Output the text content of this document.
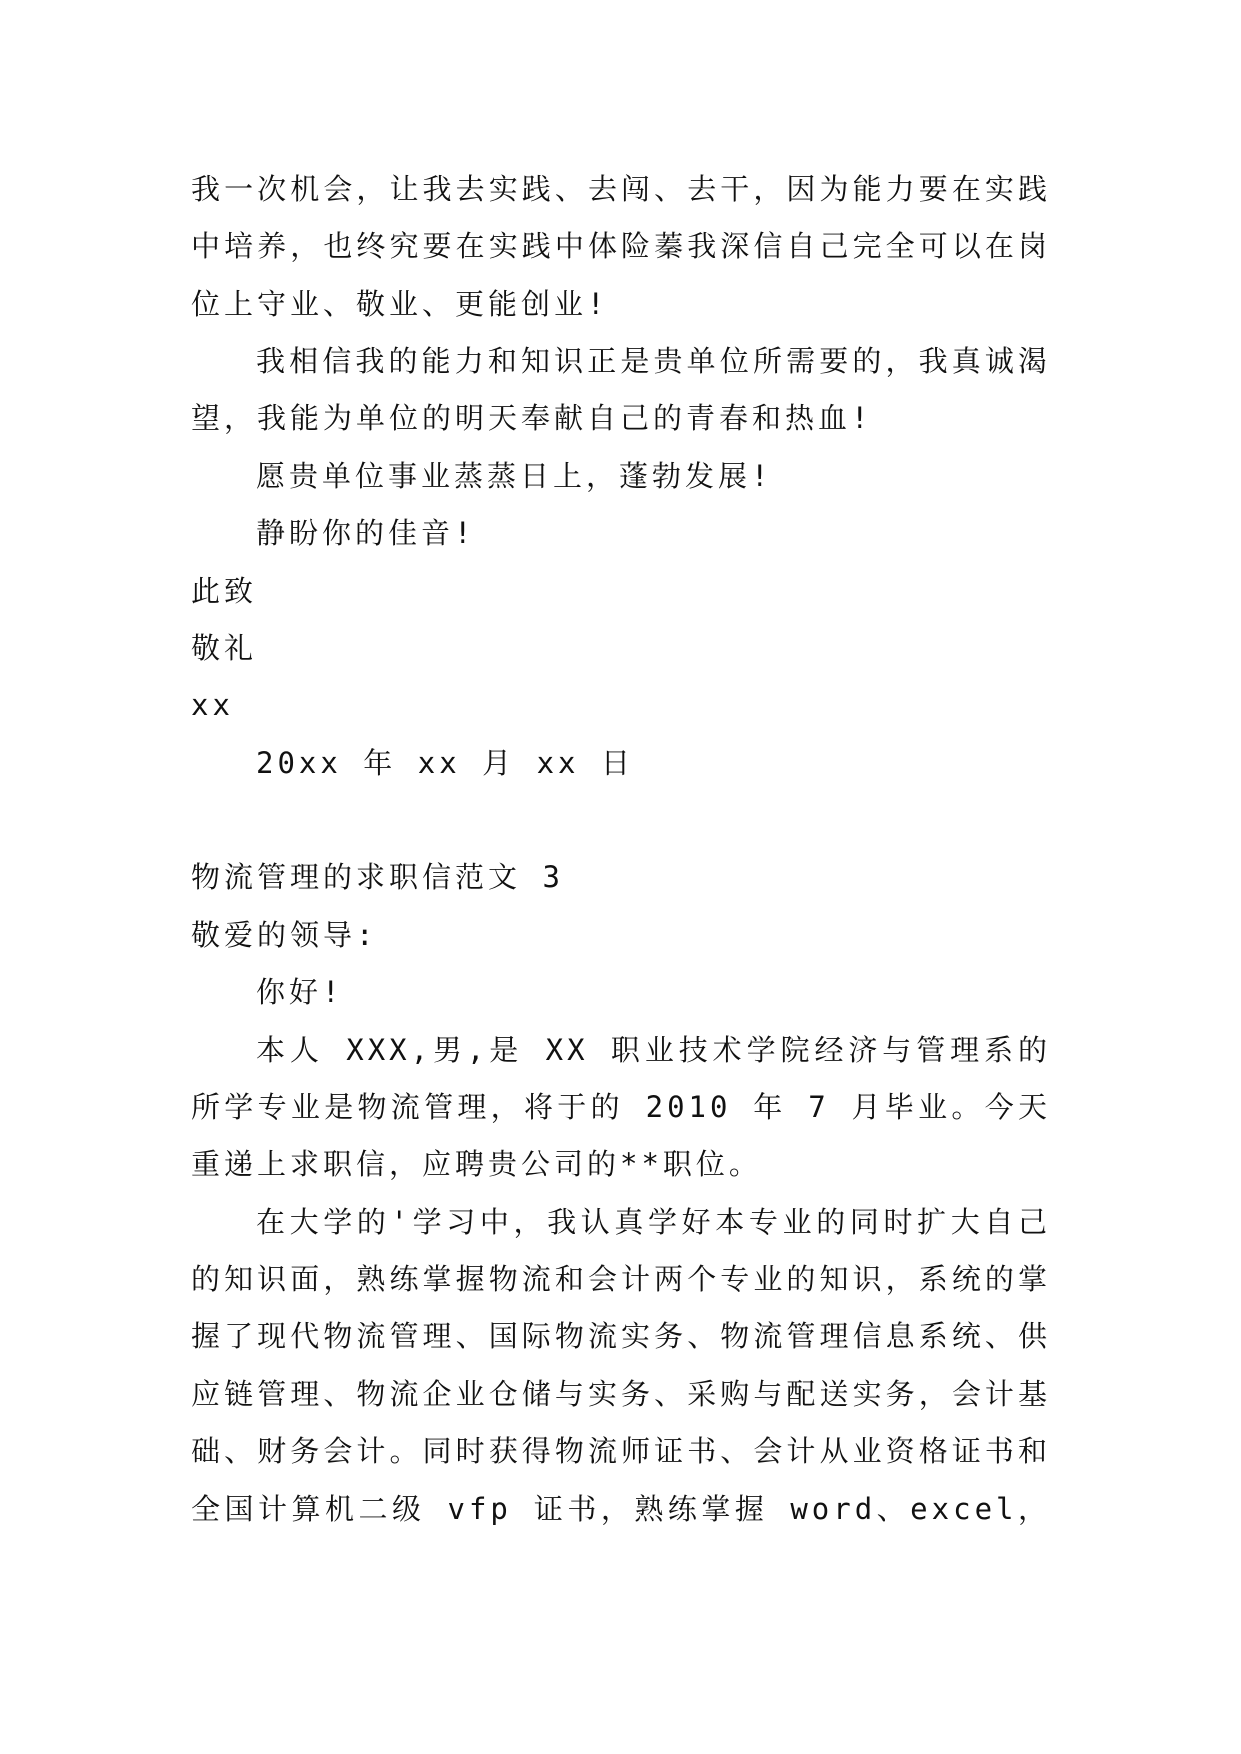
我一次机会，让我去实践、去闯、去干，因为能力要在实践
中培养，也终究要在实践中体险蓁我深信自己完全可以在岗
位上守业、敬业、更能创业!
我相信我的能力和知识正是贵单位所需要的，我真诚渴
望，我能为单位的明天奉献自己的青春和热血!
愿贵单位事业蒸蒸日上，蓬勃发展!
静盼你的佳音!
此致
敬礼
xx
20xx 年 xx 月 xx 日
物流管理的求职信范文 3
敬爱的领导:
你好!
本人 XXX,男,是 XX 职业技术学院经济与管理系的
所学专业是物流管理，将于的 2010 年 7 月毕业。今天
重递上求职信，应聘贵公司的**职位。
在大学的'学习中，我认真学好本专业的同时扩大自己
的知识面，熟练掌握物流和会计两个专业的知识，系统的掌
握了现代物流管理、国际物流实务、物流管理信息系统、供
应链管理、物流企业仓储与实务、采购与配送实务，会计基
础、财务会计。同时获得物流师证书、会计从业资格证书和
全国计算机二级 vfp 证书，熟练掌握 word、excel，
